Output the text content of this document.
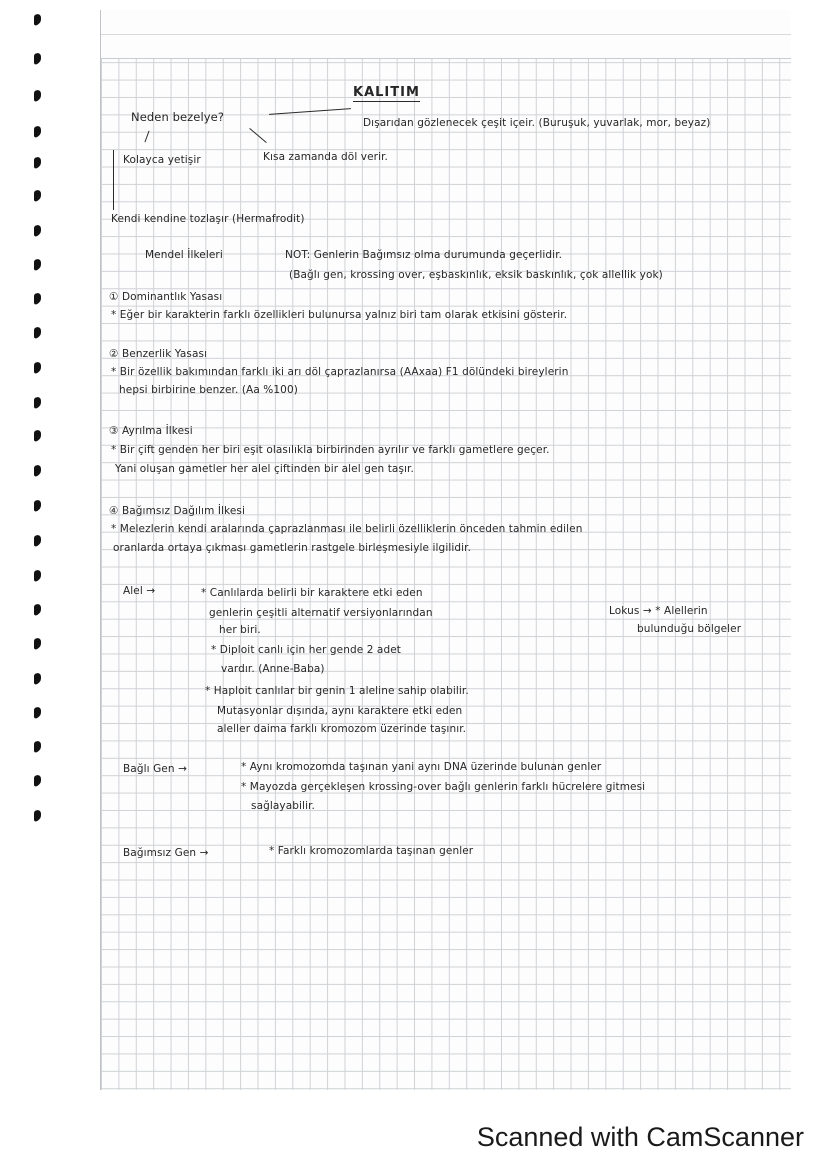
KALITIM
Neden bezelye?	Dışarıdan gözlenecek çeşit içeir. (Buruşuk, yuvarlak, mor, beyaz)
Kolayca yetişir	Kısa zamanda döl verir.
Kendi kendine tozlaşır (Hermafrodit)
Mendel İlkeleri	NOT: Genlerin Bağımsız olma durumunda geçerlidir.
(Bağlı gen, krossing over, eşbaskınlık, eksik baskınlık, çok allellik yok)
① Dominantlık Yasası
* Eğer bir karakterin farklı özellikleri bulunursa yalnız biri tam olarak etkisini gösterir.
② Benzerlik Yasası
* Bir özellik bakımından farklı iki arı döl çaprazlanırsa (AAxaa) F1 dölündeki bireylerin
hepsi birbirine benzer. (Aa %100)
③ Ayrılma İlkesi
* Bir çift genden her biri eşit olasılıkla birbirinden ayrılır ve farklı gametlere geçer.
Yani oluşan gametler her alel çiftinden bir alel gen taşır.
④ Bağımsız Dağılım İlkesi
* Melezlerin kendi aralarında çaprazlanması ile belirli özelliklerin önceden tahmin edilen
oranlarda ortaya çıkması gametlerin rastgele birleşmesiyle ilgilidir.
Alel →	* Canlılarda belirli bir karaktere etki eden
genlerin çeşitli alternatif versiyonlarından
her biri.
Lokus → * Alellerin
bulunduğu bölgeler
* Diploit canlı için her gende 2 adet
vardır. (Anne-Baba)
* Haploit canlılar bir genin 1 aleline sahip olabilir.
Mutasyonlar dışında, aynı karaktere etki eden
aleller daima farklı kromozom üzerinde taşınır.
Bağlı Gen →	* Aynı kromozomda taşınan yani aynı DNA üzerinde bulunan genler
* Mayozda gerçekleşen krossing-over bağlı genlerin farklı hücrelere gitmesi
sağlayabilir.
Bağımsız Gen →	* Farklı kromozomlarda taşınan genler
Scanned with CamScanner
